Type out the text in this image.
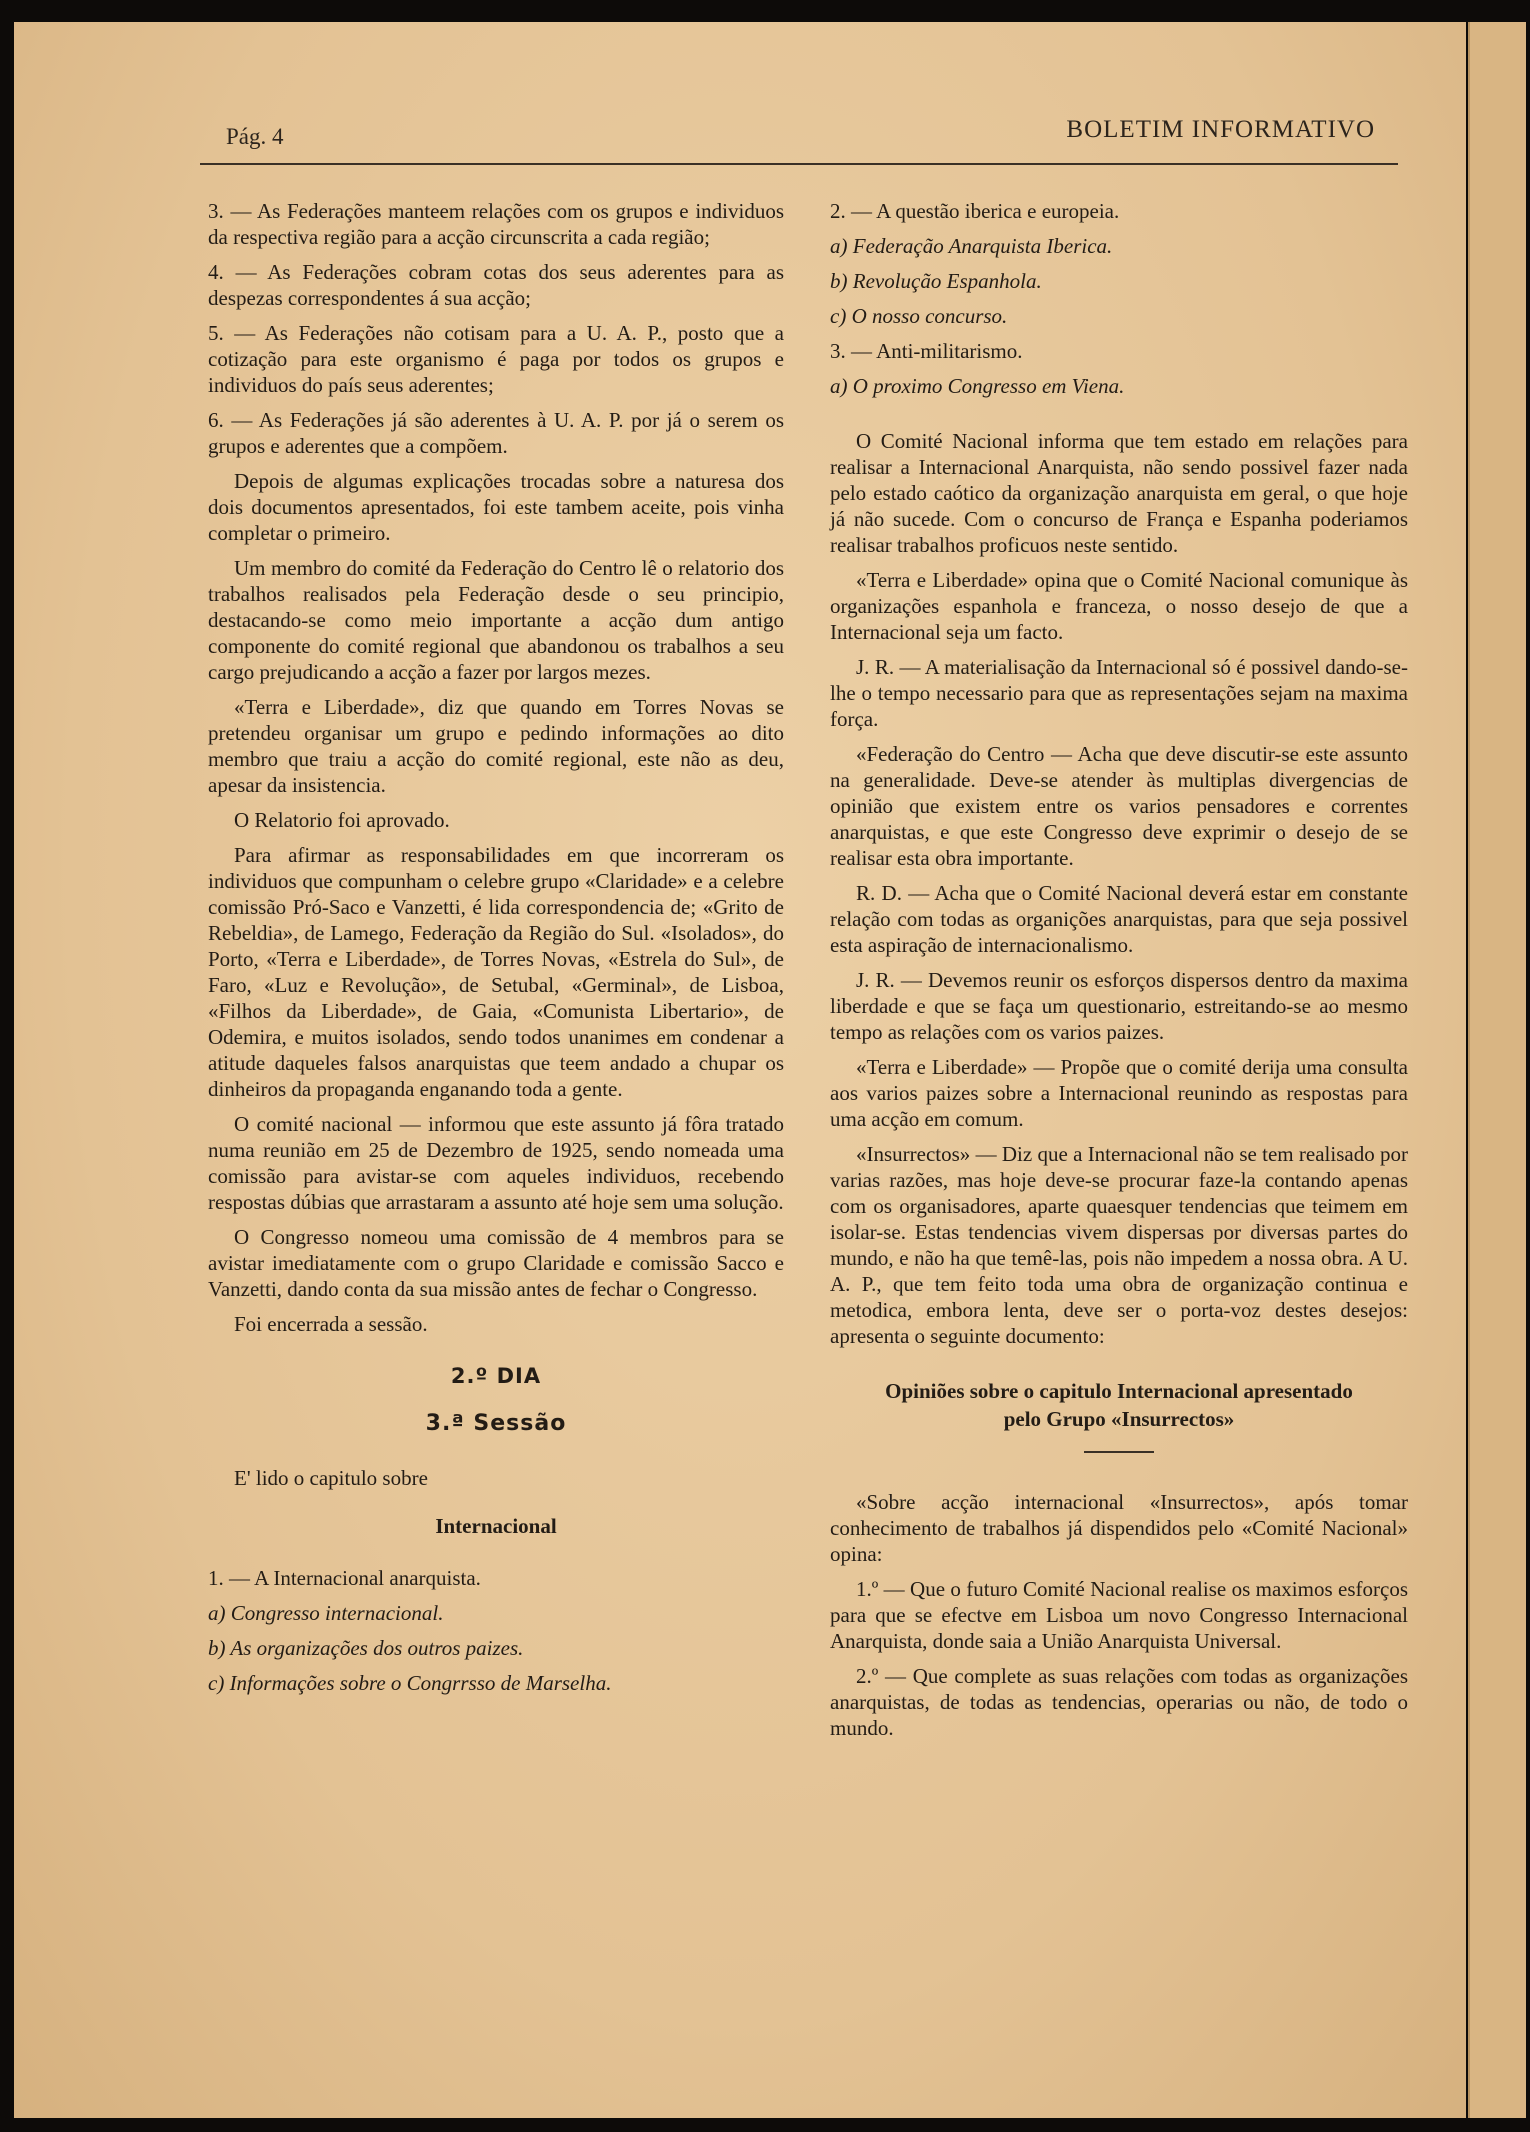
Pág. 4	BOLETIM INFORMATIVO

3. — As Federações manteem relações com os grupos e individuos da respectiva região para a acção circunscrita a cada região;

4. — As Federações cobram cotas dos seus aderentes para as despezas correspondentes á sua acção;

5. — As Federações não cotisam para a U. A. P., posto que a cotização para este organismo é paga por todos os grupos e individuos do país seus aderentes;

6. — As Federações já são aderentes à U. A. P. por já o serem os grupos e aderentes que a compõem.

Depois de algumas explicações trocadas sobre a naturesa dos dois documentos apresentados, foi este tambem aceite, pois vinha completar o primeiro.

Um membro do comité da Federação do Centro lê o relatorio dos trabalhos realisados pela Federação desde o seu principio, destacando-se como meio importante a acção dum antigo componente do comité regional que abandonou os trabalhos a seu cargo prejudicando a acção a fazer por largos mezes.

«Terra e Liberdade», diz que quando em Torres Novas se pretendeu organisar um grupo e pedindo informações ao dito membro que traiu a acção do comité regional, este não as deu, apesar da insistencia.

O Relatorio foi aprovado.

Para afirmar as responsabilidades em que incorreram os individuos que compunham o celebre grupo «Claridade» e a celebre comissão Pró-Saco e Vanzetti, é lida correspondencia de; «Grito de Rebeldia», de Lamego, Federação da Região do Sul. «Isolados», do Porto, «Terra e Liberdade», de Torres Novas, «Estrela do Sul», de Faro, «Luz e Revolução», de Setubal, «Germinal», de Lisboa, «Filhos da Liberdade», de Gaia, «Comunista Libertario», de Odemira, e muitos isolados, sendo todos unanimes em condenar a atitude daqueles falsos anarquistas que teem andado a chupar os dinheiros da propaganda enganando toda a gente.

O comité nacional — informou que este assunto já fôra tratado numa reunião em 25 de Dezembro de 1925, sendo nomeada uma comissão para avistar-se com aqueles individuos, recebendo respostas dúbias que arrastaram a assunto até hoje sem uma solução.

O Congresso nomeou uma comissão de 4 membros para se avistar imediatamente com o grupo Claridade e comissão Sacco e Vanzetti, dando conta da sua missão antes de fechar o Congresso.

Foi encerrada a sessão.

2.º DIA
3.ª Sessão

E' lido o capitulo sobre

Internacional

1. — A Internacional anarquista.

a) Congresso internacional.

b) As organizações dos outros paizes.

c) Informações sobre o Congrrsso de Marselha.

2. — A questão iberica e europeia.

a) Federação Anarquista Iberica.

b) Revolução Espanhola.

c) O nosso concurso.

3. — Anti-militarismo.

a) O proximo Congresso em Viena.

O Comité Nacional informa que tem estado em relações para realisar a Internacional Anarquista, não sendo possivel fazer nada pelo estado caótico da organização anarquista em geral, o que hoje já não sucede. Com o concurso de França e Espanha poderiamos realisar trabalhos proficuos neste sentido.

«Terra e Liberdade» opina que o Comité Nacional comunique às organizações espanhola e franceza, o nosso desejo de que a Internacional seja um facto.

J. R. — A materialisação da Internacional só é possivel dando-se-lhe o tempo necessario para que as representações sejam na maxima força.

«Federação do Centro — Acha que deve discutir-se este assunto na generalidade. Deve-se atender às multiplas divergencias de opinião que existem entre os varios pensadores e correntes anarquistas, e que este Congresso deve exprimir o desejo de se realisar esta obra importante.

R. D. — Acha que o Comité Nacional deverá estar em constante relação com todas as organições anarquistas, para que seja possivel esta aspiração de internacionalismo.

J. R. — Devemos reunir os esforços dispersos dentro da maxima liberdade e que se faça um questionario, estreitando-se ao mesmo tempo as relações com os varios paizes.

«Terra e Liberdade» — Propõe que o comité derija uma consulta aos varios paizes sobre a Internacional reunindo as respostas para uma acção em comum.

«Insurrectos» — Diz que a Internacional não se tem realisado por varias razões, mas hoje deve-se procurar faze-la contando apenas com os organisadores, aparte quaesquer tendencias que teimem em isolar-se. Estas tendencias vivem dispersas por diversas partes do mundo, e não ha que temê-las, pois não impedem a nossa obra. A U. A. P., que tem feito toda uma obra de organização continua e metodica, embora lenta, deve ser o porta-voz destes desejos: apresenta o seguinte documento:

Opiniões sobre o capitulo Internacional apresentado
pelo Grupo «Insurrectos»

«Sobre acção internacional «Insurrectos», após tomar conhecimento de trabalhos já dispendidos pelo «Comité Nacional» opina:

1.º — Que o futuro Comité Nacional realise os maximos esforços para que se efectve em Lisboa um novo Congresso Internacional Anarquista, donde saia a União Anarquista Universal.

2.º — Que complete as suas relações com todas as organizações anarquistas, de todas as tendencias, operarias ou não, de todo o mundo.
